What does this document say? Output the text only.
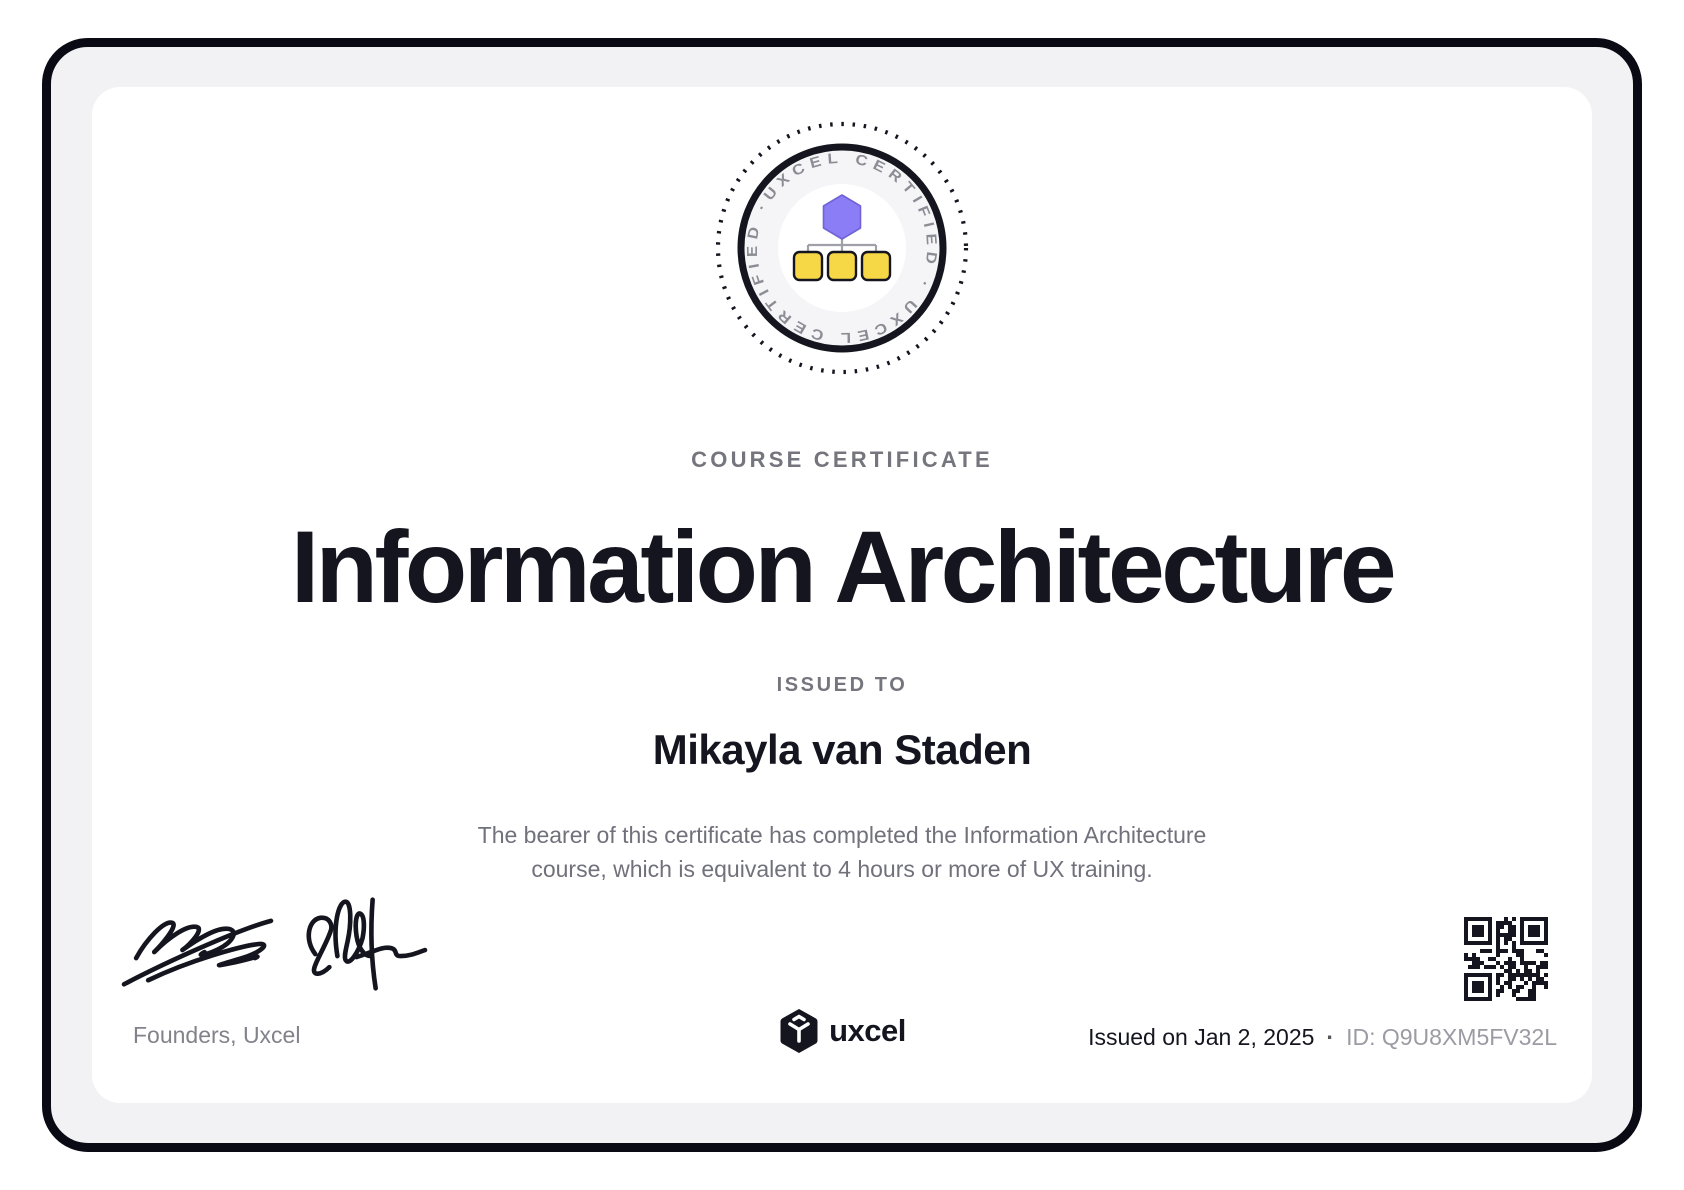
UXCEL CERTIFIED · UXCEL CERTIFIED ·
COURSE CERTIFICATE
Information Architecture
ISSUED TO
Mikayla van Staden
The bearer of this certificate has completed the Information Architecture
course, which is equivalent to 4 hours or more of UX training.
Founders, Uxcel	uxcel	Issued on Jan 2, 2025 · ID: Q9U8XM5FV32L
